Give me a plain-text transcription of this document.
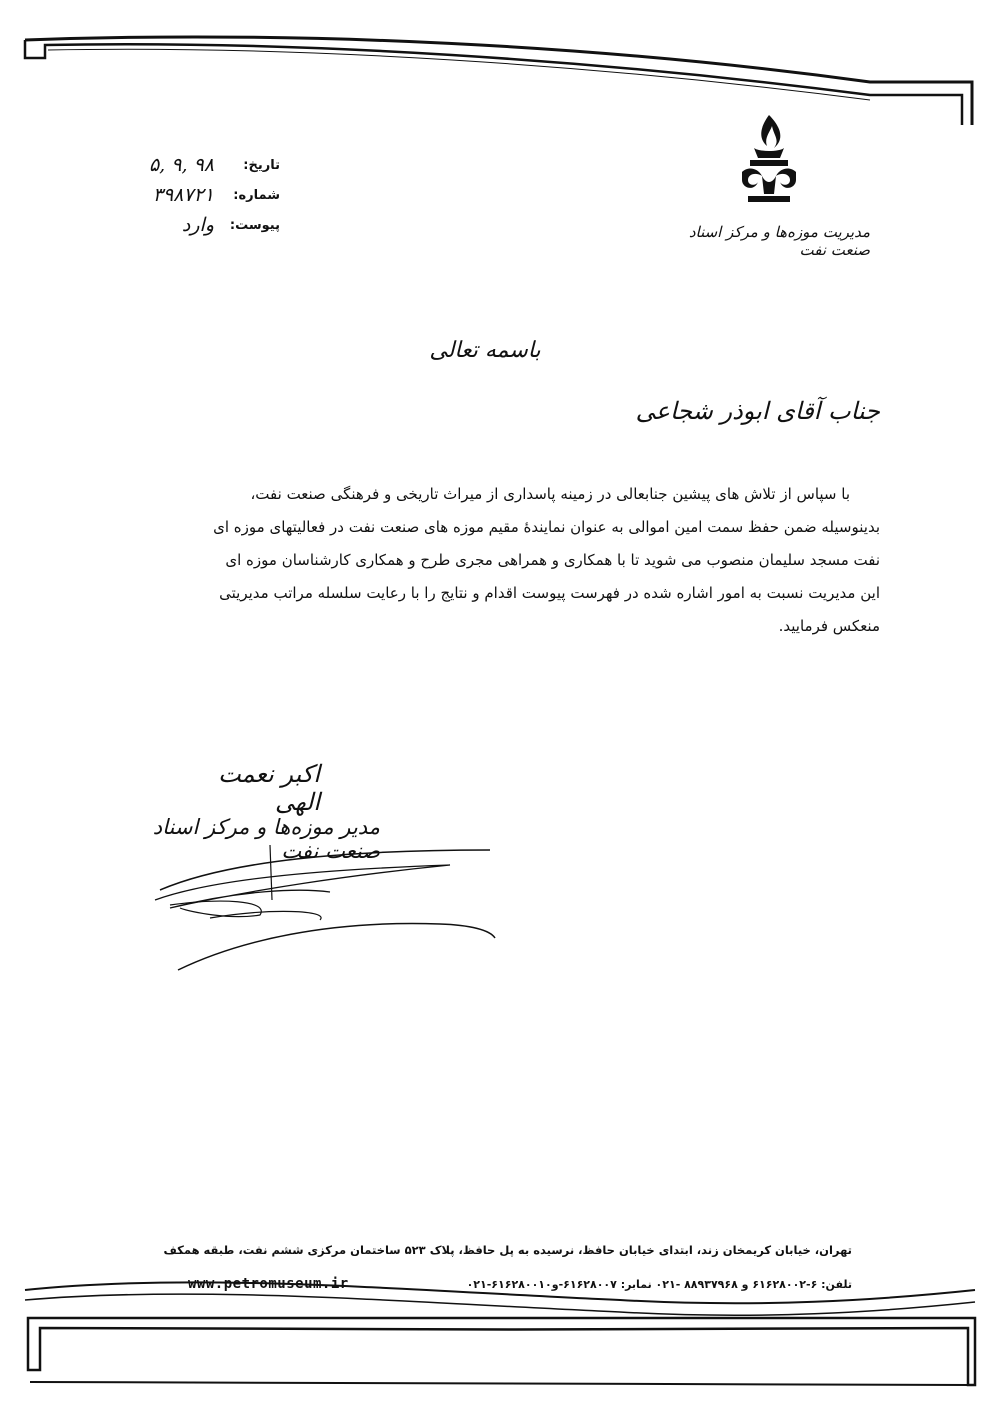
تاریخ:
۹۸ ,۹ ,۵
شماره:
۳۹۸۷۲۱
پیوست:
وارد	مدیریت موزه‌ها و مرکز اسناد صنعت نفت
باسمه تعالی
جناب آقای ابوذر شجاعی
با سپاس از تلاش های پیشین جنابعالی در زمینه پاسداری از میراث تاریخی و فرهنگی صنعت نفت،
بدینوسیله ضمن حفظ سمت امین اموالی به عنوان نمایندهٔ مقیم موزه های صنعت نفت در فعالیتهای موزه ای
نفت مسجد سلیمان منصوب می شوید تا با همکاری و همراهی مجری طرح و همکاری کارشناسان موزه ای
این مدیریت نسبت به امور اشاره شده در فهرست پیوست اقدام و نتایج را با رعایت سلسله مراتب مدیریتی
منعکس فرمایید.
اکبر نعمت الهی
مدیر موزه‌ها و مرکز اسناد صنعت نفت
تهران، خیابان کریمخان زند، ابتدای خیابان حافظ، نرسیده به پل حافظ، پلاک ۵۲۳ ساختمان مرکزی ششم نفت، طبقه همکف
تلفن: ۶-۶۱۶۲۸۰۰۲ و ۸۸۹۳۷۹۶۸ -۰۲۱ نمابر: ۶۱۶۲۸۰۰۷-و۶۱۶۲۸۰۰۱۰-۰۲۱
www.petromuseum.ir
